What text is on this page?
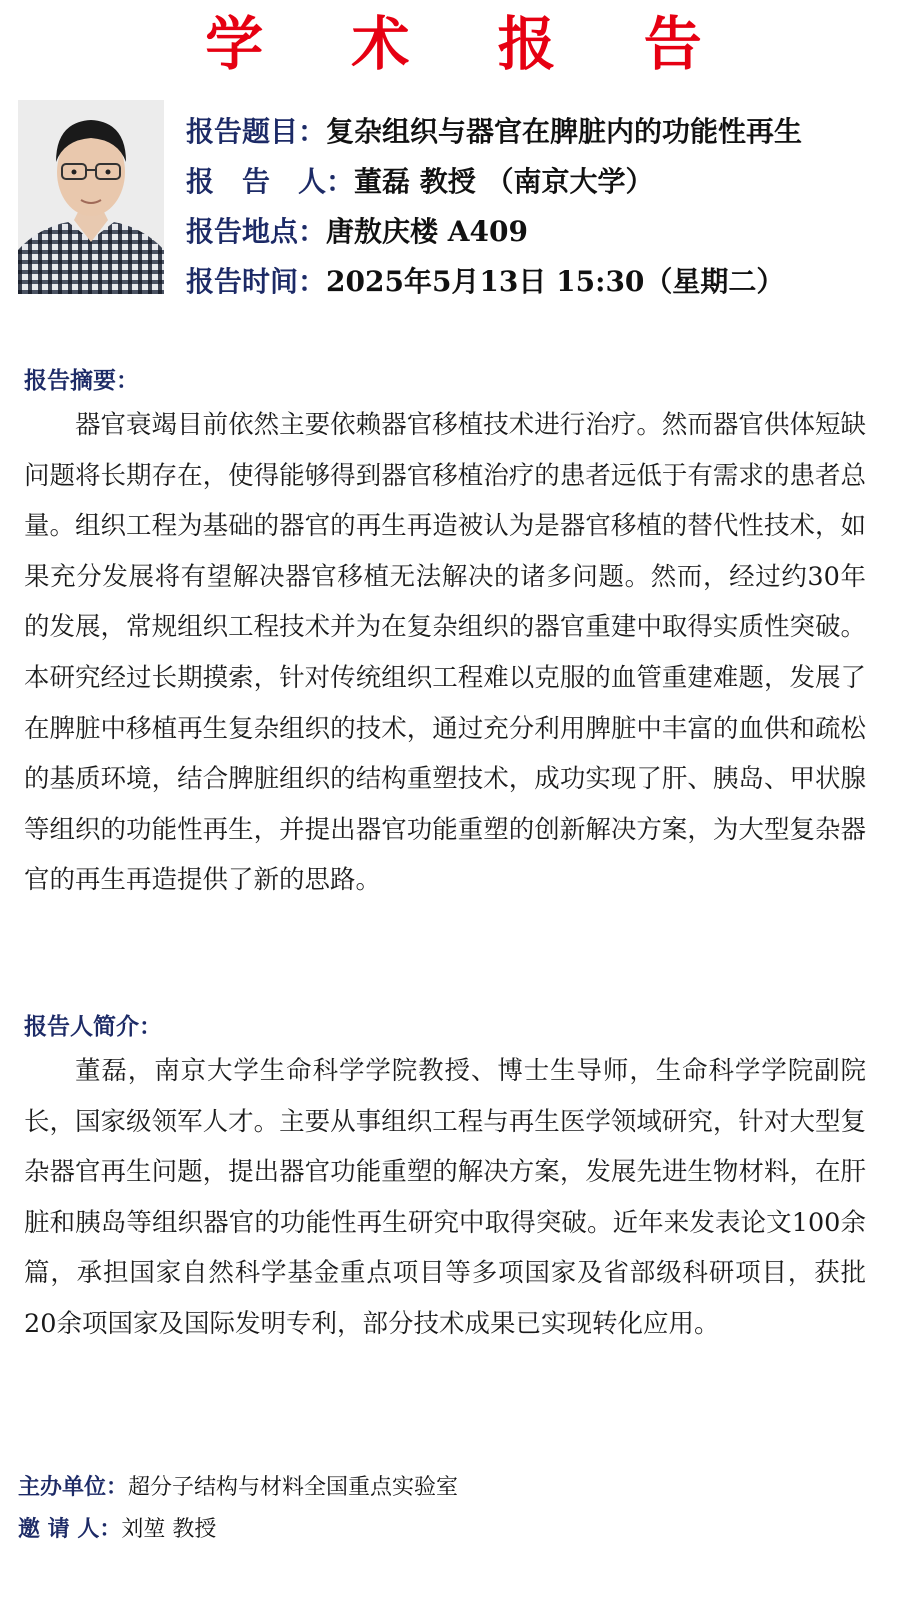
学 术 报 告
报告题目：复杂组织与器官在脾脏内的功能性再生
报　告　人：董磊 教授 （南京大学）
报告地点：唐敖庆楼 A409
报告时间：2025年5月13日 15:30（星期二）
报告摘要：
器官衰竭目前依然主要依赖器官移植技术进行治疗。然而器官供体短缺问题将长期存在，使得能够得到器官移植治疗的患者远低于有需求的患者总量。组织工程为基础的器官的再生再造被认为是器官移植的替代性技术，如果充分发展将有望解决器官移植无法解决的诸多问题。然而，经过约30年的发展，常规组织工程技术并为在复杂组织的器官重建中取得实质性突破。本研究经过长期摸索，针对传统组织工程难以克服的血管重建难题，发展了在脾脏中移植再生复杂组织的技术，通过充分利用脾脏中丰富的血供和疏松的基质环境，结合脾脏组织的结构重塑技术，成功实现了肝、胰岛、甲状腺等组织的功能性再生，并提出器官功能重塑的创新解决方案，为大型复杂器官的再生再造提供了新的思路。
报告人简介：
董磊，南京大学生命科学学院教授、博士生导师，生命科学学院副院长，国家级领军人才。主要从事组织工程与再生医学领域研究，针对大型复杂器官再生问题，提出器官功能重塑的解决方案，发展先进生物材料，在肝脏和胰岛等组织器官的功能性再生研究中取得突破。近年来发表论文100余篇，承担国家自然科学基金重点项目等多项国家及省部级科研项目，获批20余项国家及国际发明专利，部分技术成果已实现转化应用。
主办单位：超分子结构与材料全国重点实验室
邀 请 人：刘堃 教授
